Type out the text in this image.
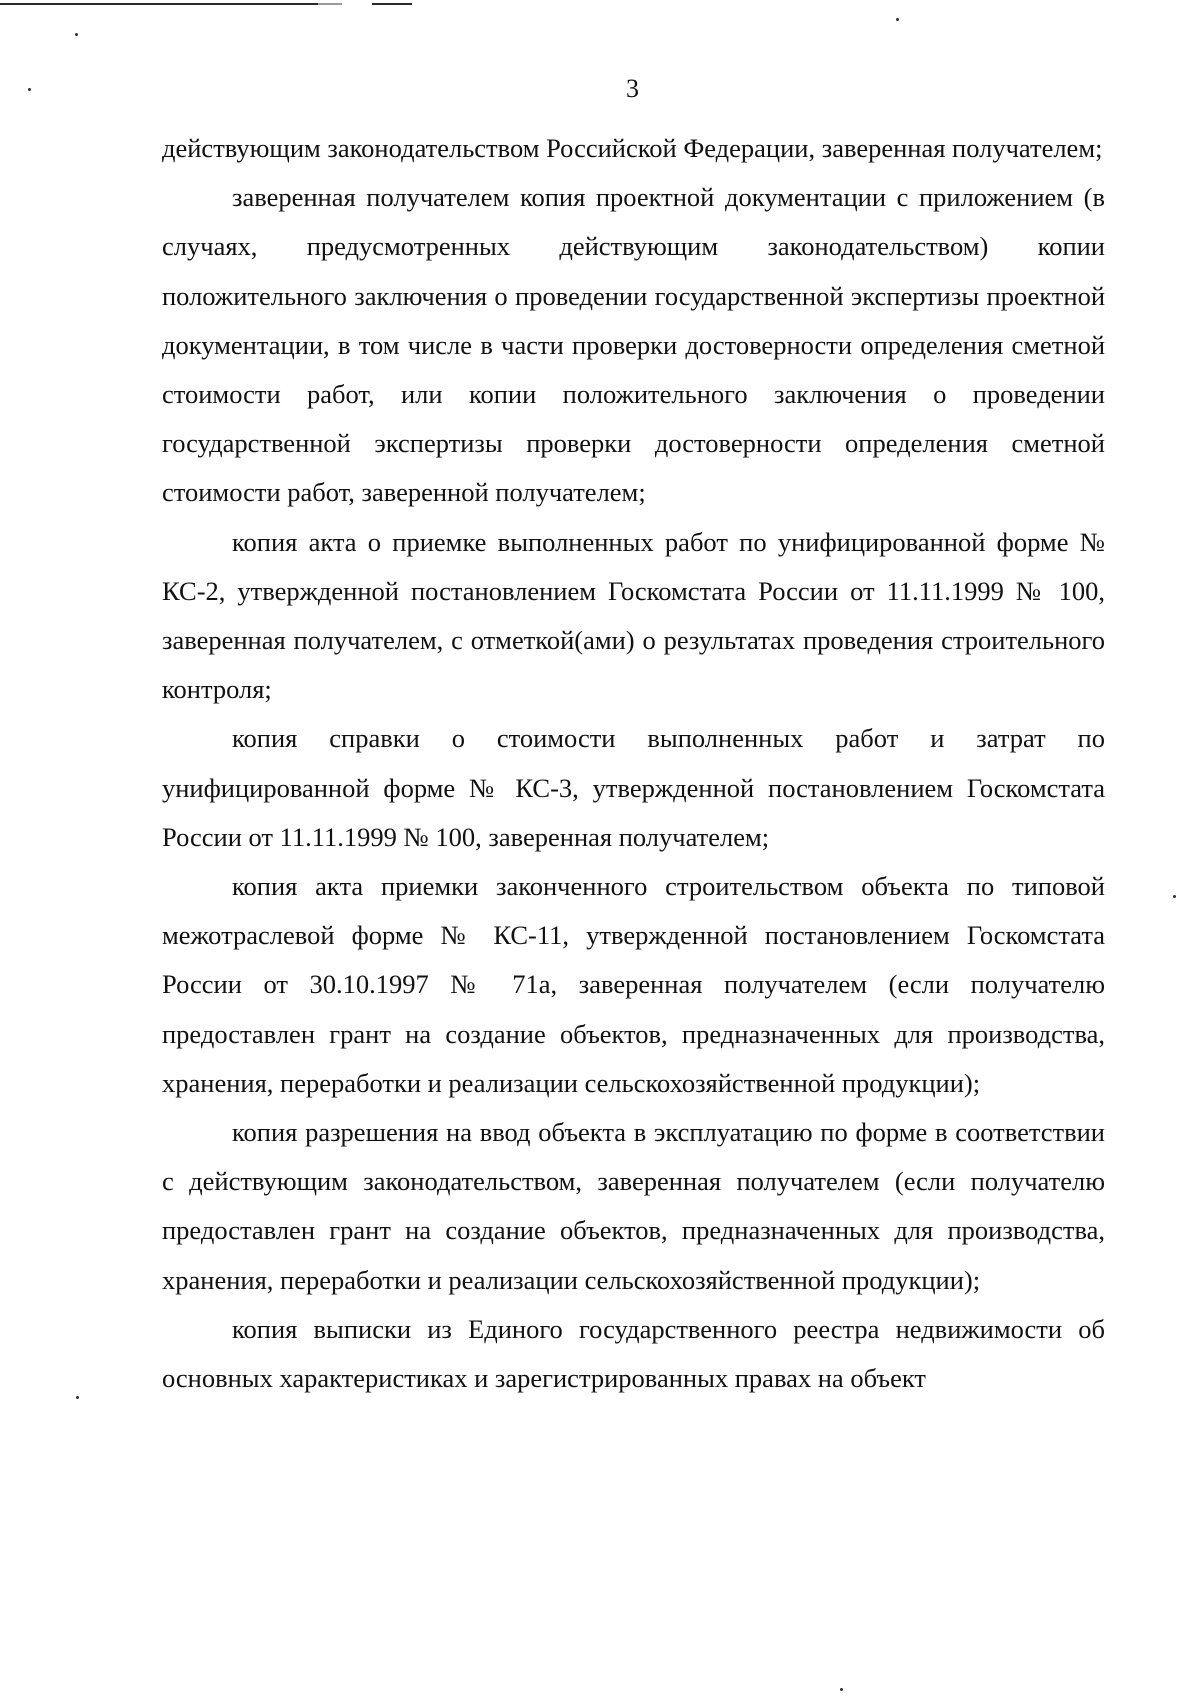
3

действующим законодательством Российской Федерации, заверенная получателем;

заверенная получателем копия проектной документации с приложением (в случаях, предусмотренных действующим законодательством) копии положительного заключения о проведении государственной экспертизы проектной документации, в том числе в части проверки достоверности определения сметной стоимости работ, или копии положительного заключения о проведении государственной экспертизы проверки достоверности определения сметной стоимости работ, заверенной получателем;

копия акта о приемке выполненных работ по унифицированной форме № КС-2, утвержденной постановлением Госкомстата России от 11.11.1999 № 100, заверенная получателем, с отметкой(ами) о результатах проведения строительного контроля;

копия справки о стоимости выполненных работ и затрат по унифицированной форме № КС-3, утвержденной постановлением Госкомстата России от 11.11.1999 № 100, заверенная получателем;

копия акта приемки законченного строительством объекта по типовой межотраслевой форме № КС-11, утвержденной постановлением Госкомстата России от 30.10.1997 № 71а, заверенная получателем (если получателю предоставлен грант на создание объектов, предназначенных для производства, хранения, переработки и реализации сельскохозяйственной продукции);

копия разрешения на ввод объекта в эксплуатацию по форме в соответствии с действующим законодательством, заверенная получателем (если получателю предоставлен грант на создание объектов, предназначенных для производства, хранения, переработки и реализации сельскохозяйственной продукции);

копия выписки из Единого государственного реестра недвижимости об основных характеристиках и зарегистрированных правах на объект
